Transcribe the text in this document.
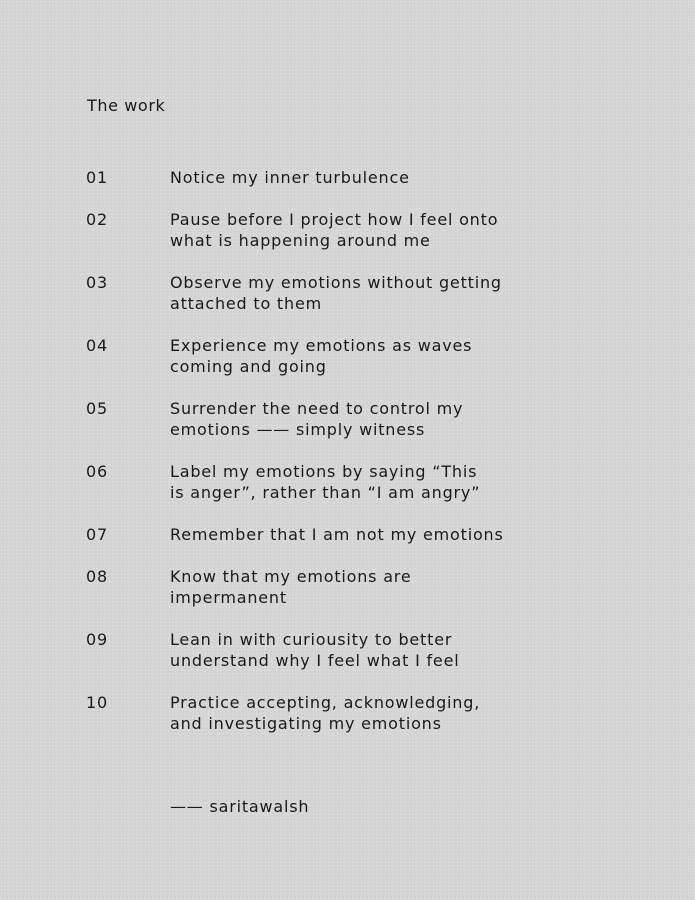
The work
01	Notice my inner turbulence
02	Pause before I project how I feel onto
what is happening around me
03	Observe my emotions without getting
attached to them
04	Experience my emotions as waves
coming and going
05	Surrender the need to control my
emotions —— simply witness
06	Label my emotions by saying “This
is anger”, rather than “I am angry”
07	Remember that I am not my emotions
08	Know that my emotions are
impermanent
09	Lean in with curiousity to better
understand why I feel what I feel
10	Practice accepting, acknowledging,
and investigating my emotions
—— saritawalsh
